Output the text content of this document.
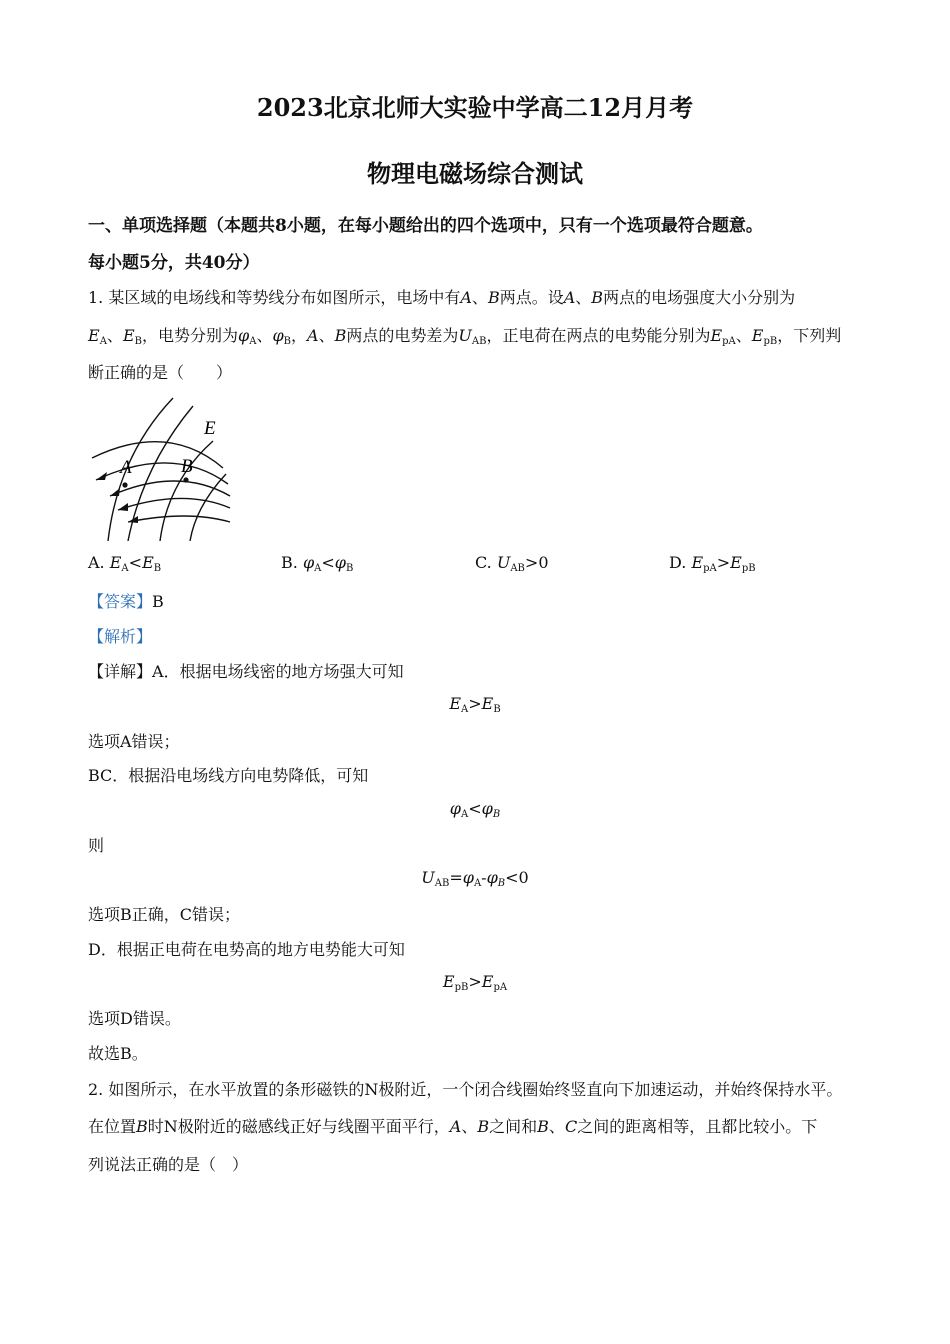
2023北京北师大实验中学高二12月月考
物理电磁场综合测试
一、单项选择题（本题共8小题，在每小题给出的四个选项中，只有一个选项最符合题意。
每小题5分，共40分）
1. 某区域的电场线和等势线分布如图所示，电场中有A、B两点。设A、B两点的电场强度大小分别为
$E_A$、$E_B$，电势分别为$\varphi_A$、$\varphi_B$，A、B两点的电势差为$U_{AB}$，正电荷在两点的电势能分别为$E_{pA}$、$E_{pB}$，下列判
断正确的是（　　）
E
A	B
A. $E_A<E_B$	B. $\varphi_A<\varphi_B$	C. $U_{AB}>0$	D. $E_{pA}>E_{pB}$
【答案】B
【解析】
【详解】A．根据电场线密的地方场强大可知
$E_A>E_B$
选项A错误；
BC．根据沿电场线方向电势降低，可知
$\varphi_A<\varphi_B$
则
$U_{AB}=\varphi_A-\varphi_B<0$
选项B正确，C错误；
D．根据正电荷在电势高的地方电势能大可知
$E_{pB}>E_{pA}$
选项D错误。
故选B。
2. 如图所示，在水平放置的条形磁铁的N极附近，一个闭合线圈始终竖直向下加速运动，并始终保持水平。
在位置B时N极附近的磁感线正好与线圈平面平行，A、B之间和B、C之间的距离相等，且都比较小。下
列说法正确的是（　）
